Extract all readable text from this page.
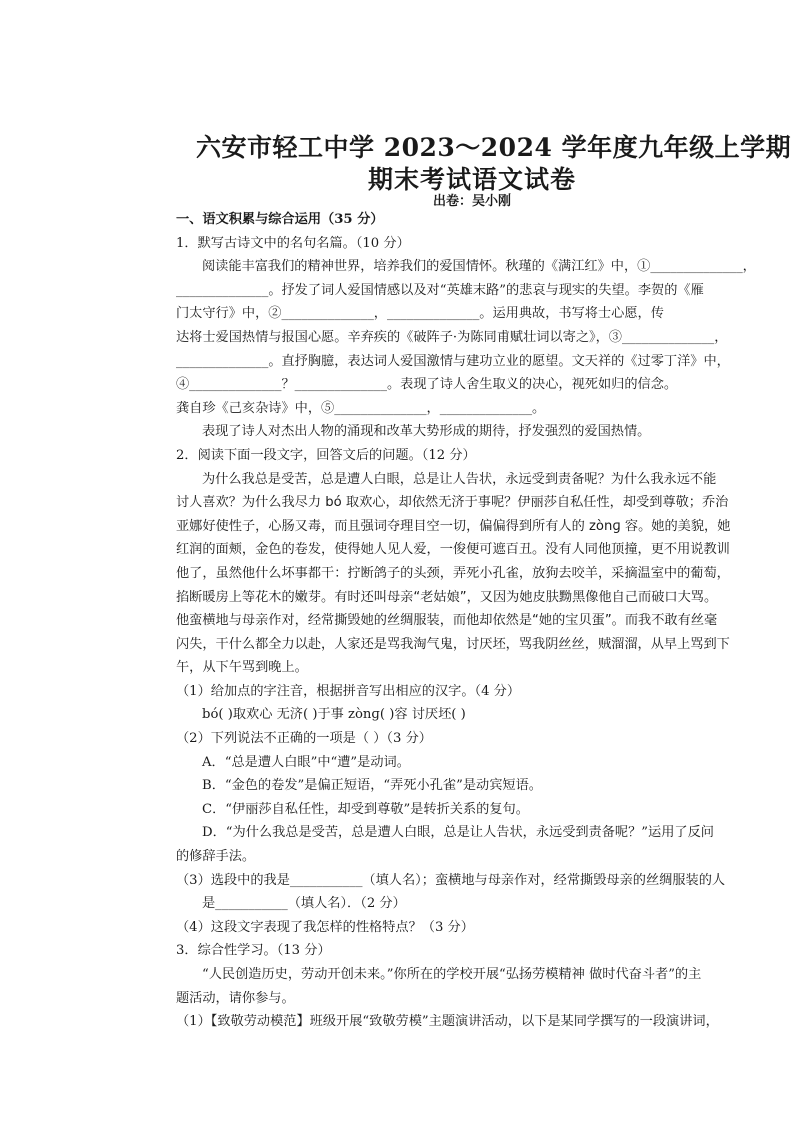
六安市轻工中学 2023～2024 学年度九年级上学期
期末考试语文试卷
出卷：吴小刚
一、语文积累与综合运用（35 分）
1．默写古诗文中的名句名篇。（10 分）
阅读能丰富我们的精神世界，培养我们的爱国情怀。秋瑾的《满江红》中，①______________，
______________。抒发了词人爱国情感以及对“英雄末路”的悲哀与现实的失望。李贺的《雁
门太守行》中，②______________，______________。运用典故，书写将士心愿，传
达将士爱国热情与报国心愿。辛弃疾的《破阵子·为陈同甫赋壮词以寄之》，③______________，
______________。直抒胸臆，表达词人爱国激情与建功立业的愿望。文天祥的《过零丁洋》中，
④______________？______________。表现了诗人舍生取义的决心，视死如归的信念。
龚自珍《己亥杂诗》中，⑤______________，______________。
表现了诗人对杰出人物的涌现和改革大势形成的期待，抒发强烈的爱国热情。
2．阅读下面一段文字，回答文后的问题。（12 分）
为什么我总是受苦，总是遭人白眼，总是让人告状，永远受到责备呢？为什么我永远不能
讨人喜欢？为什么我尽力 bó 取欢心，却依然无济于事呢？伊丽莎自私任性，却受到尊敬；乔治
亚娜好使性子，心肠又毒，而且强词夺理目空一切，偏偏得到所有人的 zònɡ 容。她的美貌，她
红润的面颊，金色的卷发，使得她人见人爱，一俊便可遮百丑。没有人同他顶撞，更不用说教训
他了，虽然他什么坏事都干：拧断鸽子的头颈，弄死小孔雀，放狗去咬羊，采摘温室中的葡萄，
掐断暖房上等花木的嫩芽。有时还叫母亲“老姑娘”，又因为她皮肤黝黑像他自己而破口大骂。
他蛮横地与母亲作对，经常撕毁她的丝绸服装，而他却依然是“她的宝贝蛋”。而我不敢有丝毫
闪失，干什么都全力以赴，人家还是骂我淘气鬼，讨厌坯，骂我阴丝丝，贼溜溜，从早上骂到下
午，从下午骂到晚上。
（1）给加点的字注音，根据拼音写出相应的汉字。（4 分）
bó( )取欢心 无济( )于事 zònɡ( )容 讨厌坯( )
（2）下列说法不正确的一项是（ ）（3 分）
A．“总是遭人白眼”中“遭”是动词。
B．“金色的卷发”是偏正短语，“弄死小孔雀”是动宾短语。
C．“伊丽莎自私任性，却受到尊敬”是转折关系的复句。
D．“为什么我总是受苦，总是遭人白眼，总是让人告状，永远受到责备呢？”运用了反问
的修辞手法。
（3）选段中的我是___________（填人名）；蛮横地与母亲作对，经常撕毁母亲的丝绸服装的人
是___________（填人名）．（2 分）
（4）这段文字表现了我怎样的性格特点？（3 分）
3．综合性学习。（13 分）
“人民创造历史，劳动开创未来。”你所在的学校开展“弘扬劳模精神 做时代奋斗者”的主
题活动，请你参与。
（1）【致敬劳动模范】班级开展“致敬劳模”主题演讲活动，以下是某同学撰写的一段演讲词，
